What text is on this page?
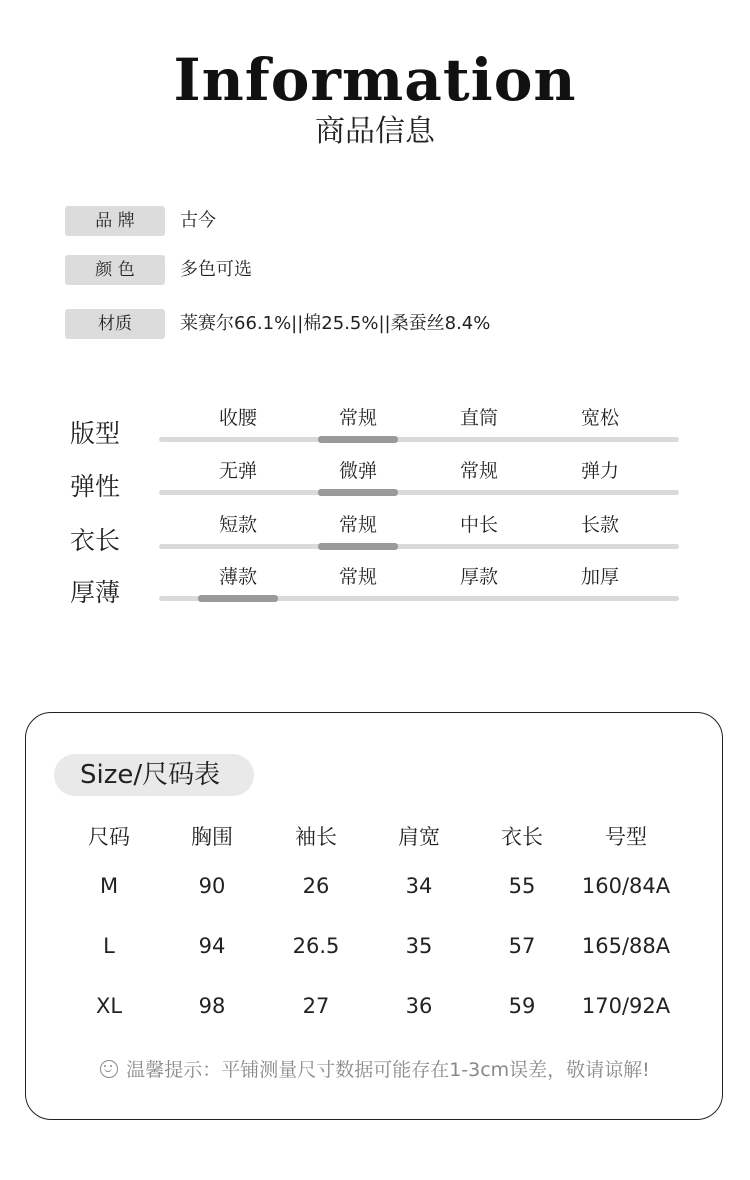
Information
商品信息
品 牌	古今
颜 色	多色可选
材质	莱赛尔66.1%||棉25.5%||桑蚕丝8.4%
版型
收腰	常规	直筒	宽松
弹性
无弹	微弹	常规	弹力
衣长
短款	常规	中长	长款
厚薄
薄款	常规	厚款	加厚
Size/尺码表
尺码	胸围	袖长	肩宽	衣长	号型
M	90	26	34	55	160/84A
L	94	26.5	35	57	165/88A
XL	98	27	36	59	170/92A
温馨提示：平铺测量尺寸数据可能存在1-3cm误差，敬请谅解!
